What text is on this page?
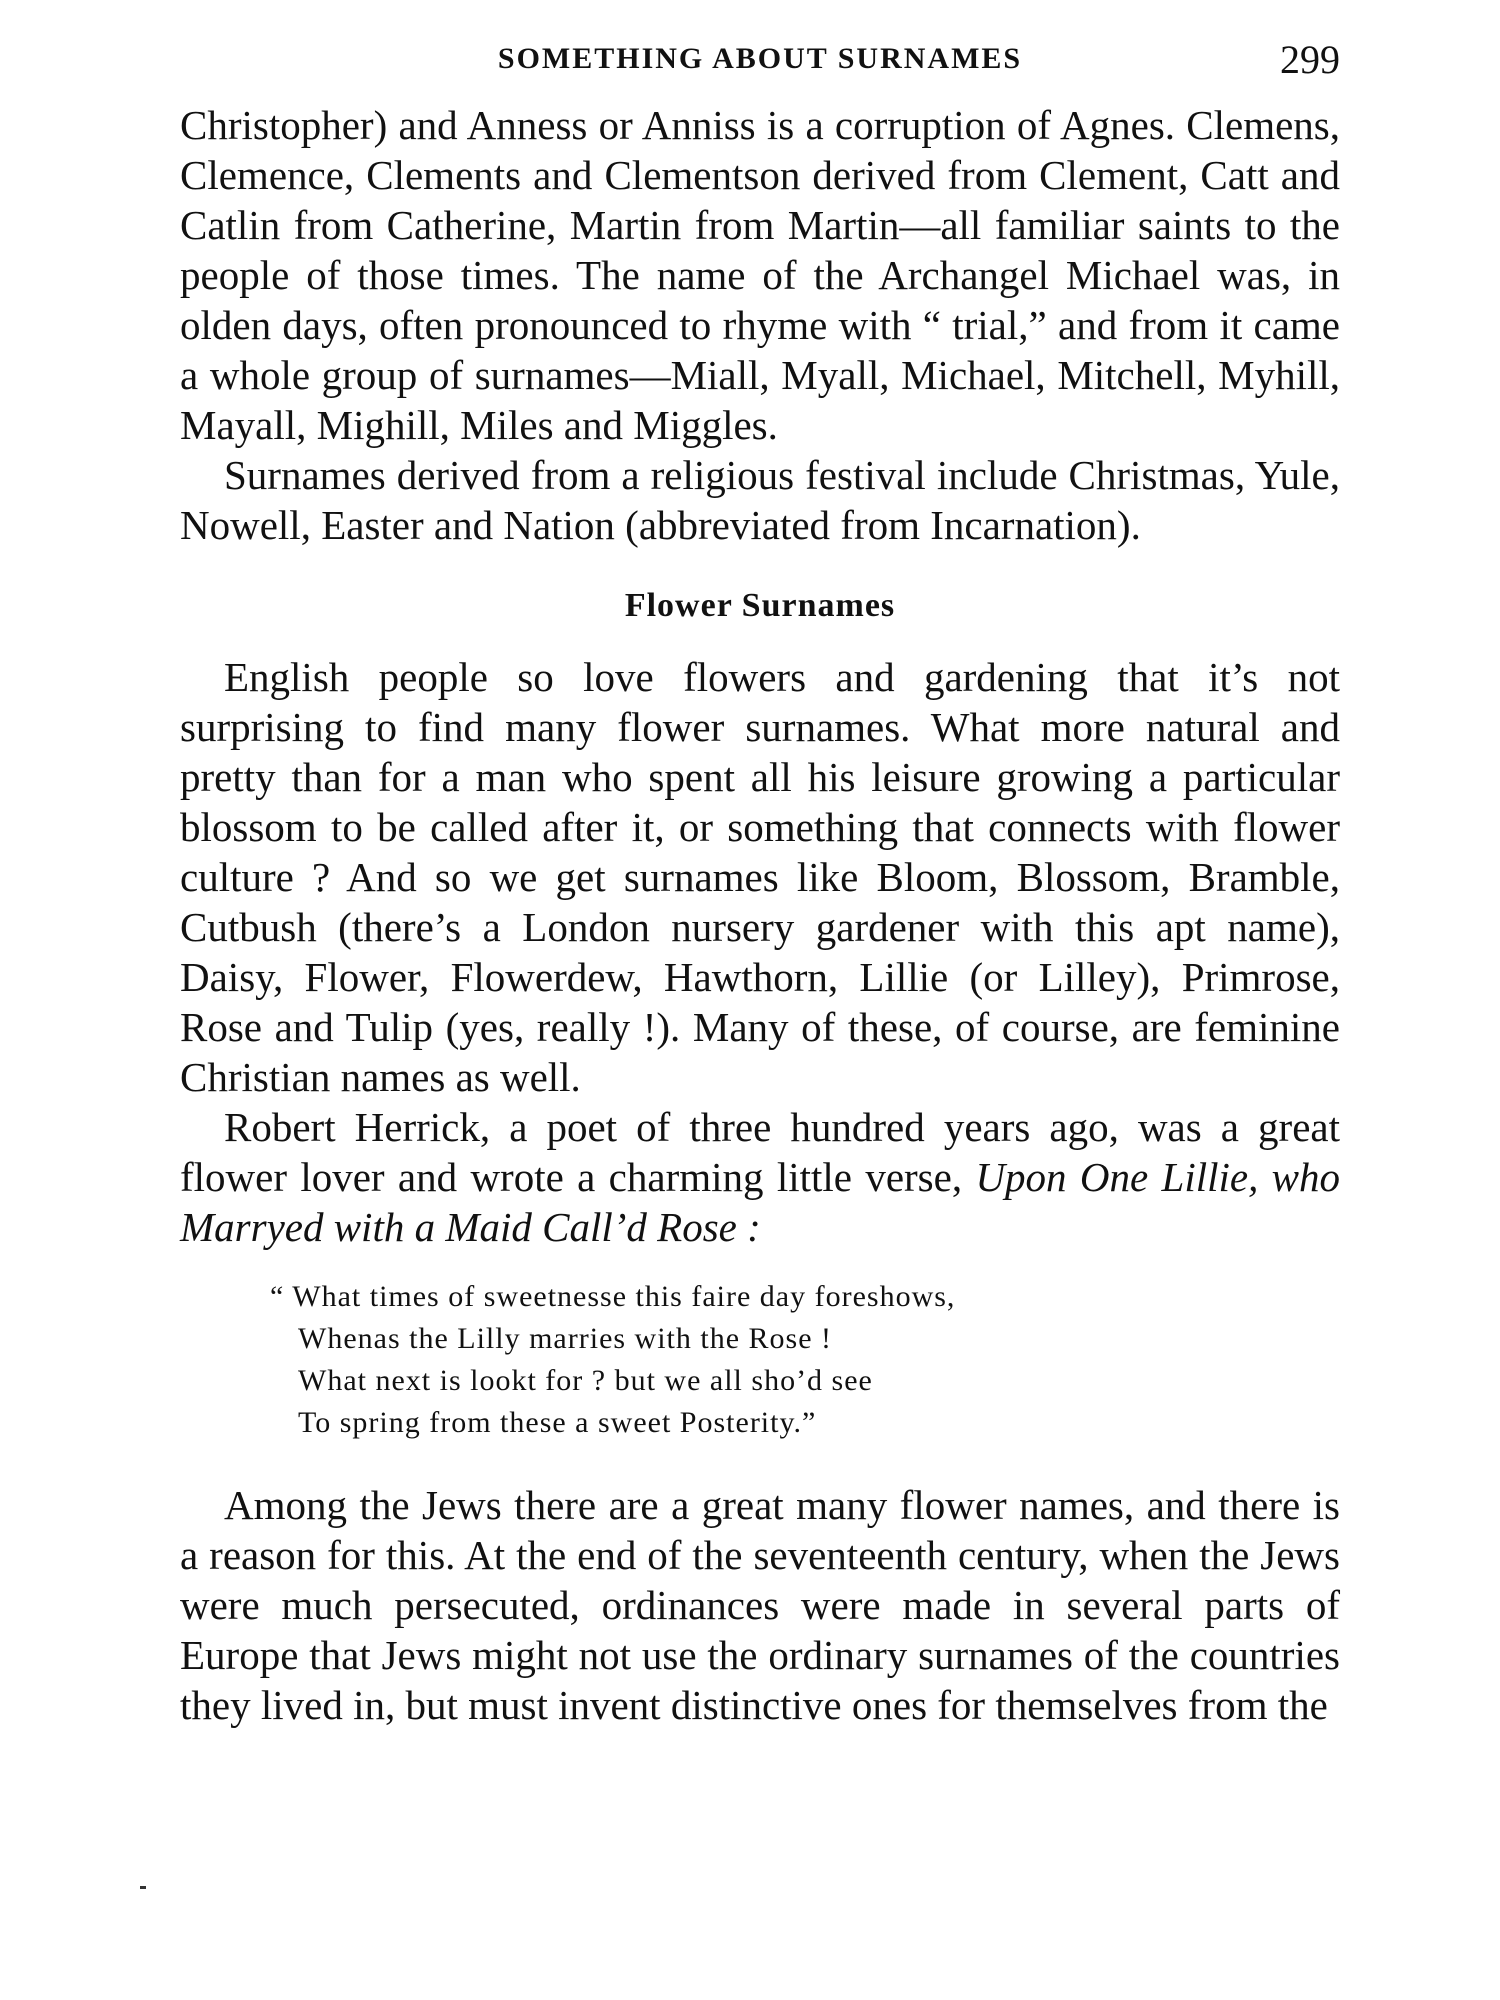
SOMETHING ABOUT SURNAMES	299

Christopher) and Anness or Anniss is a corruption of Agnes. Clemens, Clemence, Clements and Clementson derived from Clement, Catt and Catlin from Catherine, Martin from Martin—all familiar saints to the people of those times. The name of the Archangel Michael was, in olden days, often pronounced to rhyme with “ trial,” and from it came a whole group of surnames—Miall, Myall, Michael, Mitchell, Myhill, Mayall, Mighill, Miles and Miggles.

Surnames derived from a religious festival include Christmas, Yule, Nowell, Easter and Nation (abbreviated from Incarnation).

Flower Surnames

English people so love flowers and gardening that it’s not surprising to find many flower surnames. What more natural and pretty than for a man who spent all his leisure growing a particular blossom to be called after it, or something that connects with flower culture ? And so we get surnames like Bloom, Blossom, Bramble, Cutbush (there’s a London nursery gardener with this apt name), Daisy, Flower, Flowerdew, Hawthorn, Lillie (or Lilley), Primrose, Rose and Tulip (yes, really !). Many of these, of course, are feminine Christian names as well.

Robert Herrick, a poet of three hundred years ago, was a great flower lover and wrote a charming little verse, Upon One Lillie, who Marryed with a Maid Call’d Rose :

“ What times of sweetnesse this faire day foreshows,
Whenas the Lilly marries with the Rose !
What next is lookt for ? but we all sho’d see
To spring from these a sweet Posterity.”

Among the Jews there are a great many flower names, and there is a reason for this. At the end of the seventeenth century, when the Jews were much persecuted, ordinances were made in several parts of Europe that Jews might not use the ordinary surnames of the countries they lived in, but must invent distinctive ones for themselves from the
